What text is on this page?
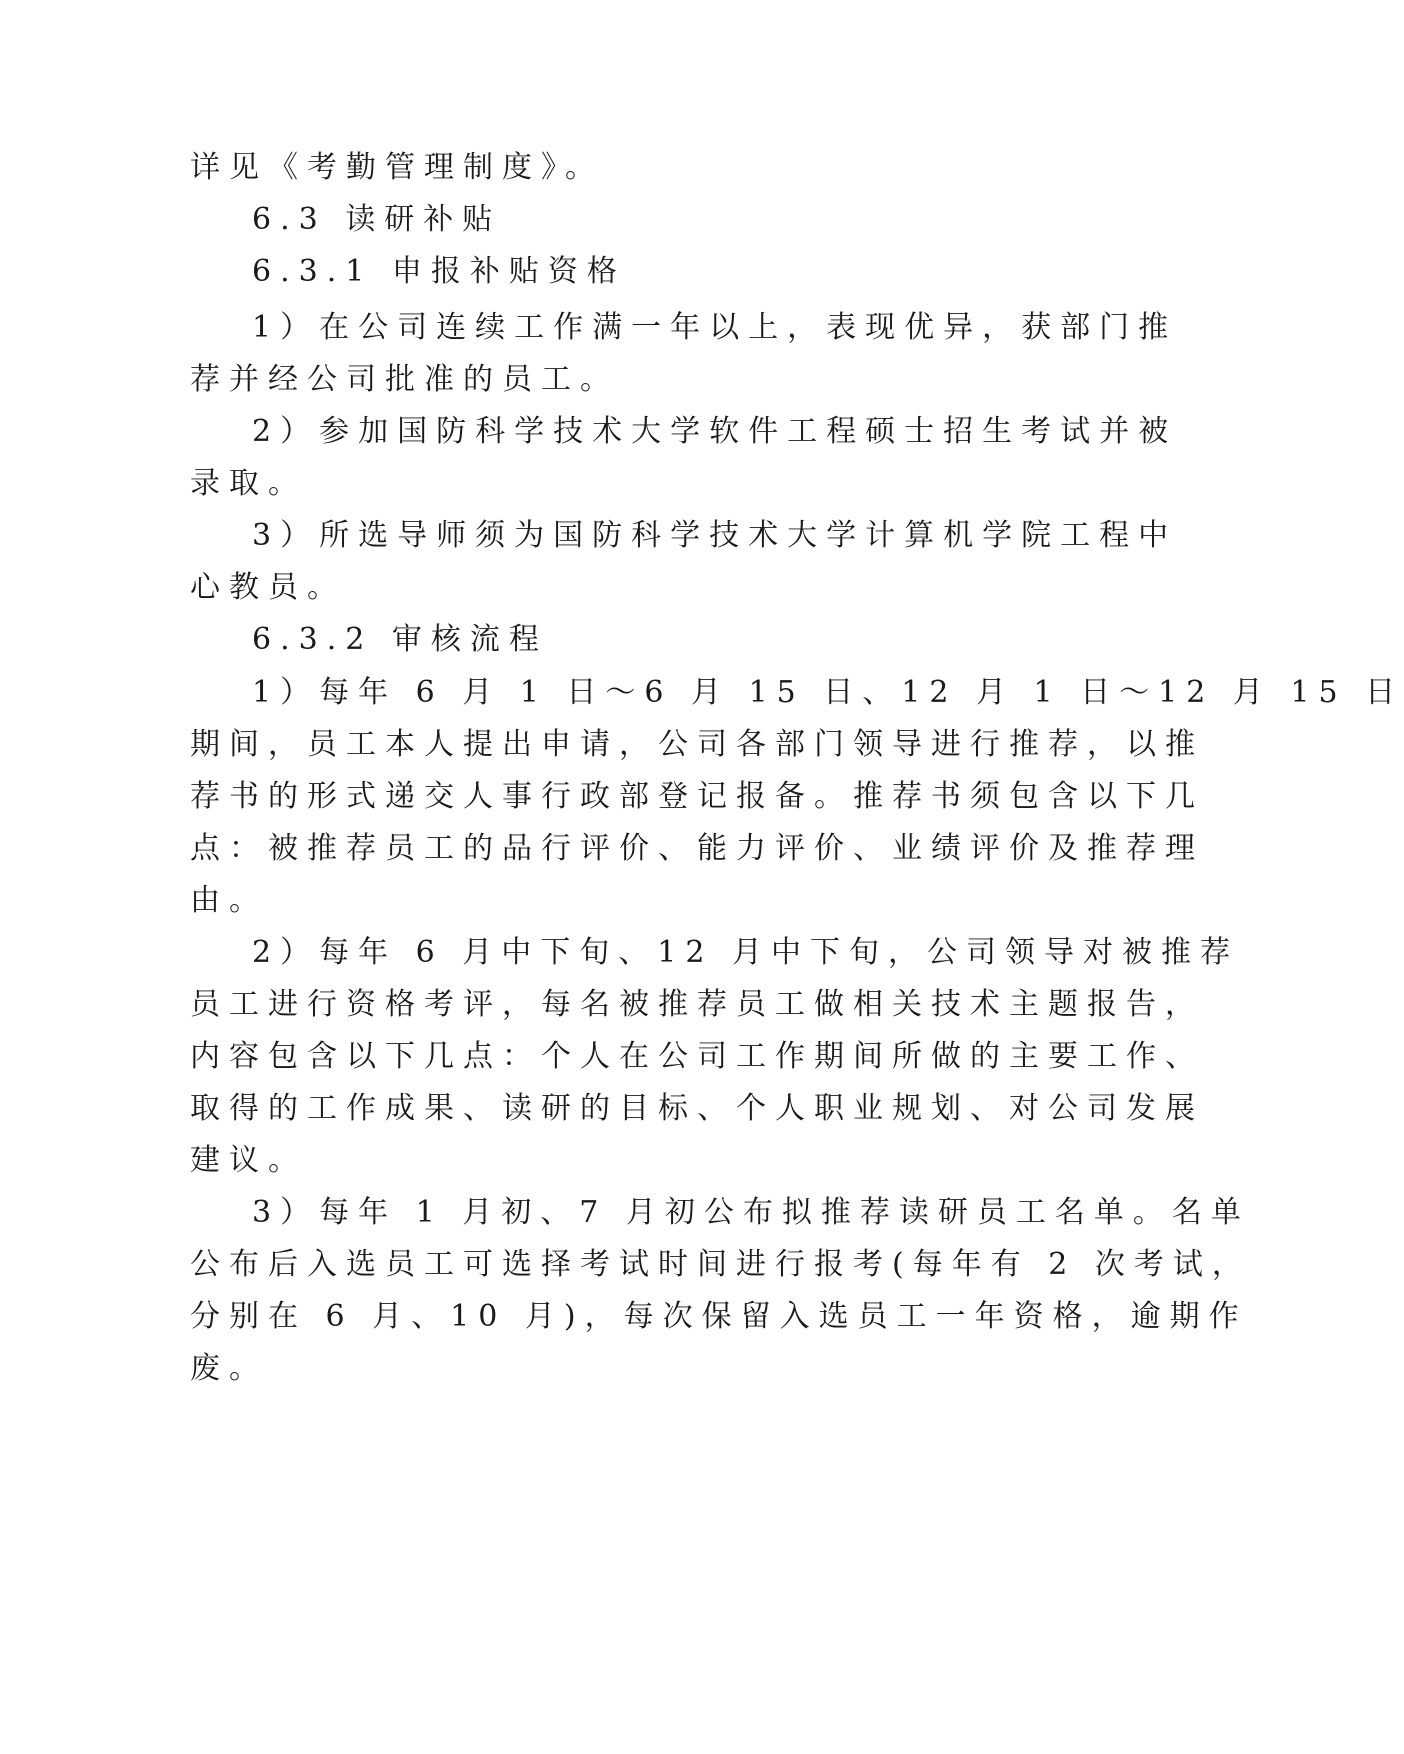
详见《考勤管理制度》。
6.3 读研补贴
6.3.1 申报补贴资格
1）在公司连续工作满一年以上，表现优异，获部门推
荐并经公司批准的员工。
2）参加国防科学技术大学软件工程硕士招生考试并被
录取。
3）所选导师须为国防科学技术大学计算机学院工程中
心教员。
6.3.2 审核流程
1）每年 6 月 1 日～6 月 15 日、12 月 1 日～12 月 15 日
期间，员工本人提出申请，公司各部门领导进行推荐，以推
荐书的形式递交人事行政部登记报备。推荐书须包含以下几
点：被推荐员工的品行评价、能力评价、业绩评价及推荐理
由。
2）每年 6 月中下旬、12 月中下旬，公司领导对被推荐
员工进行资格考评，每名被推荐员工做相关技术主题报告，
内容包含以下几点：个人在公司工作期间所做的主要工作、
取得的工作成果、读研的目标、个人职业规划、对公司发展
建议。
3）每年 1 月初、7 月初公布拟推荐读研员工名单。名单
公布后入选员工可选择考试时间进行报考(每年有 2 次考试，
分别在 6 月、10 月)，每次保留入选员工一年资格，逾期作
废。
